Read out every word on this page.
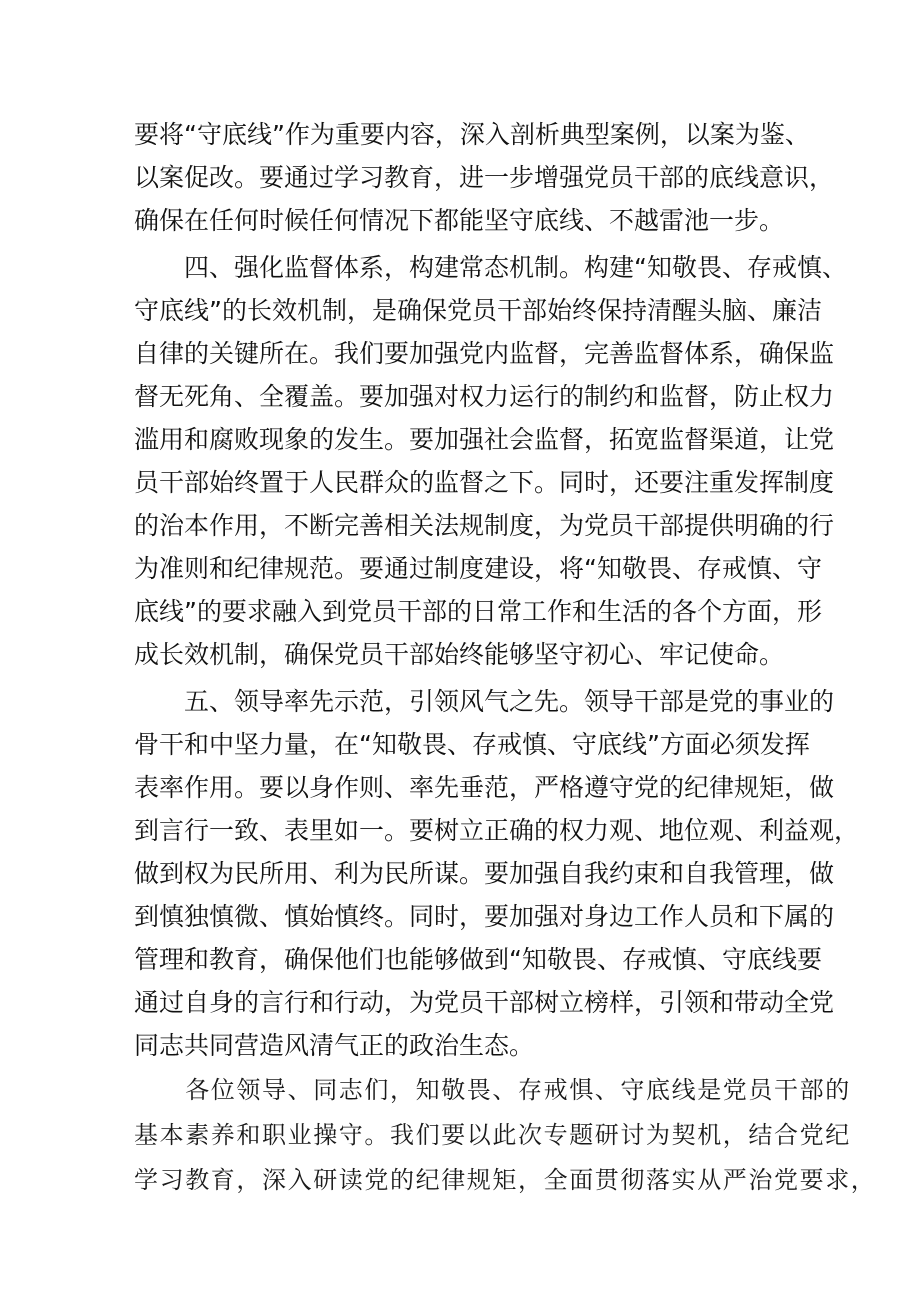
要将“守底线”作为重要内容，深入剖析典型案例，以案为鉴、
以案促改。要通过学习教育，进一步增强党员干部的底线意识，
确保在任何时候任何情况下都能坚守底线、不越雷池一步。
　　四、强化监督体系，构建常态机制。构建“知敬畏、存戒慎、
守底线”的长效机制，是确保党员干部始终保持清醒头脑、廉洁
自律的关键所在。我们要加强党内监督，完善监督体系，确保监
督无死角、全覆盖。要加强对权力运行的制约和监督，防止权力
滥用和腐败现象的发生。要加强社会监督，拓宽监督渠道，让党
员干部始终置于人民群众的监督之下。同时，还要注重发挥制度
的治本作用，不断完善相关法规制度，为党员干部提供明确的行
为准则和纪律规范。要通过制度建设，将“知敬畏、存戒慎、守
底线”的要求融入到党员干部的日常工作和生活的各个方面，形
成长效机制，确保党员干部始终能够坚守初心、牢记使命。
　　五、领导率先示范，引领风气之先。领导干部是党的事业的
骨干和中坚力量，在“知敬畏、存戒慎、守底线”方面必须发挥
表率作用。要以身作则、率先垂范，严格遵守党的纪律规矩，做
到言行一致、表里如一。要树立正确的权力观、地位观、利益观，
做到权为民所用、利为民所谋。要加强自我约束和自我管理，做
到慎独慎微、慎始慎终。同时，要加强对身边工作人员和下属的
管理和教育，确保他们也能够做到“知敬畏、存戒慎、守底线要
通过自身的言行和行动，为党员干部树立榜样，引领和带动全党
同志共同营造风清气正的政治生态。
　　各位领导、同志们，知敬畏、存戒惧、守底线是党员干部的
基本素养和职业操守。我们要以此次专题研讨为契机，结合党纪
学习教育，深入研读党的纪律规矩，全面贯彻落实从严治党要求，
